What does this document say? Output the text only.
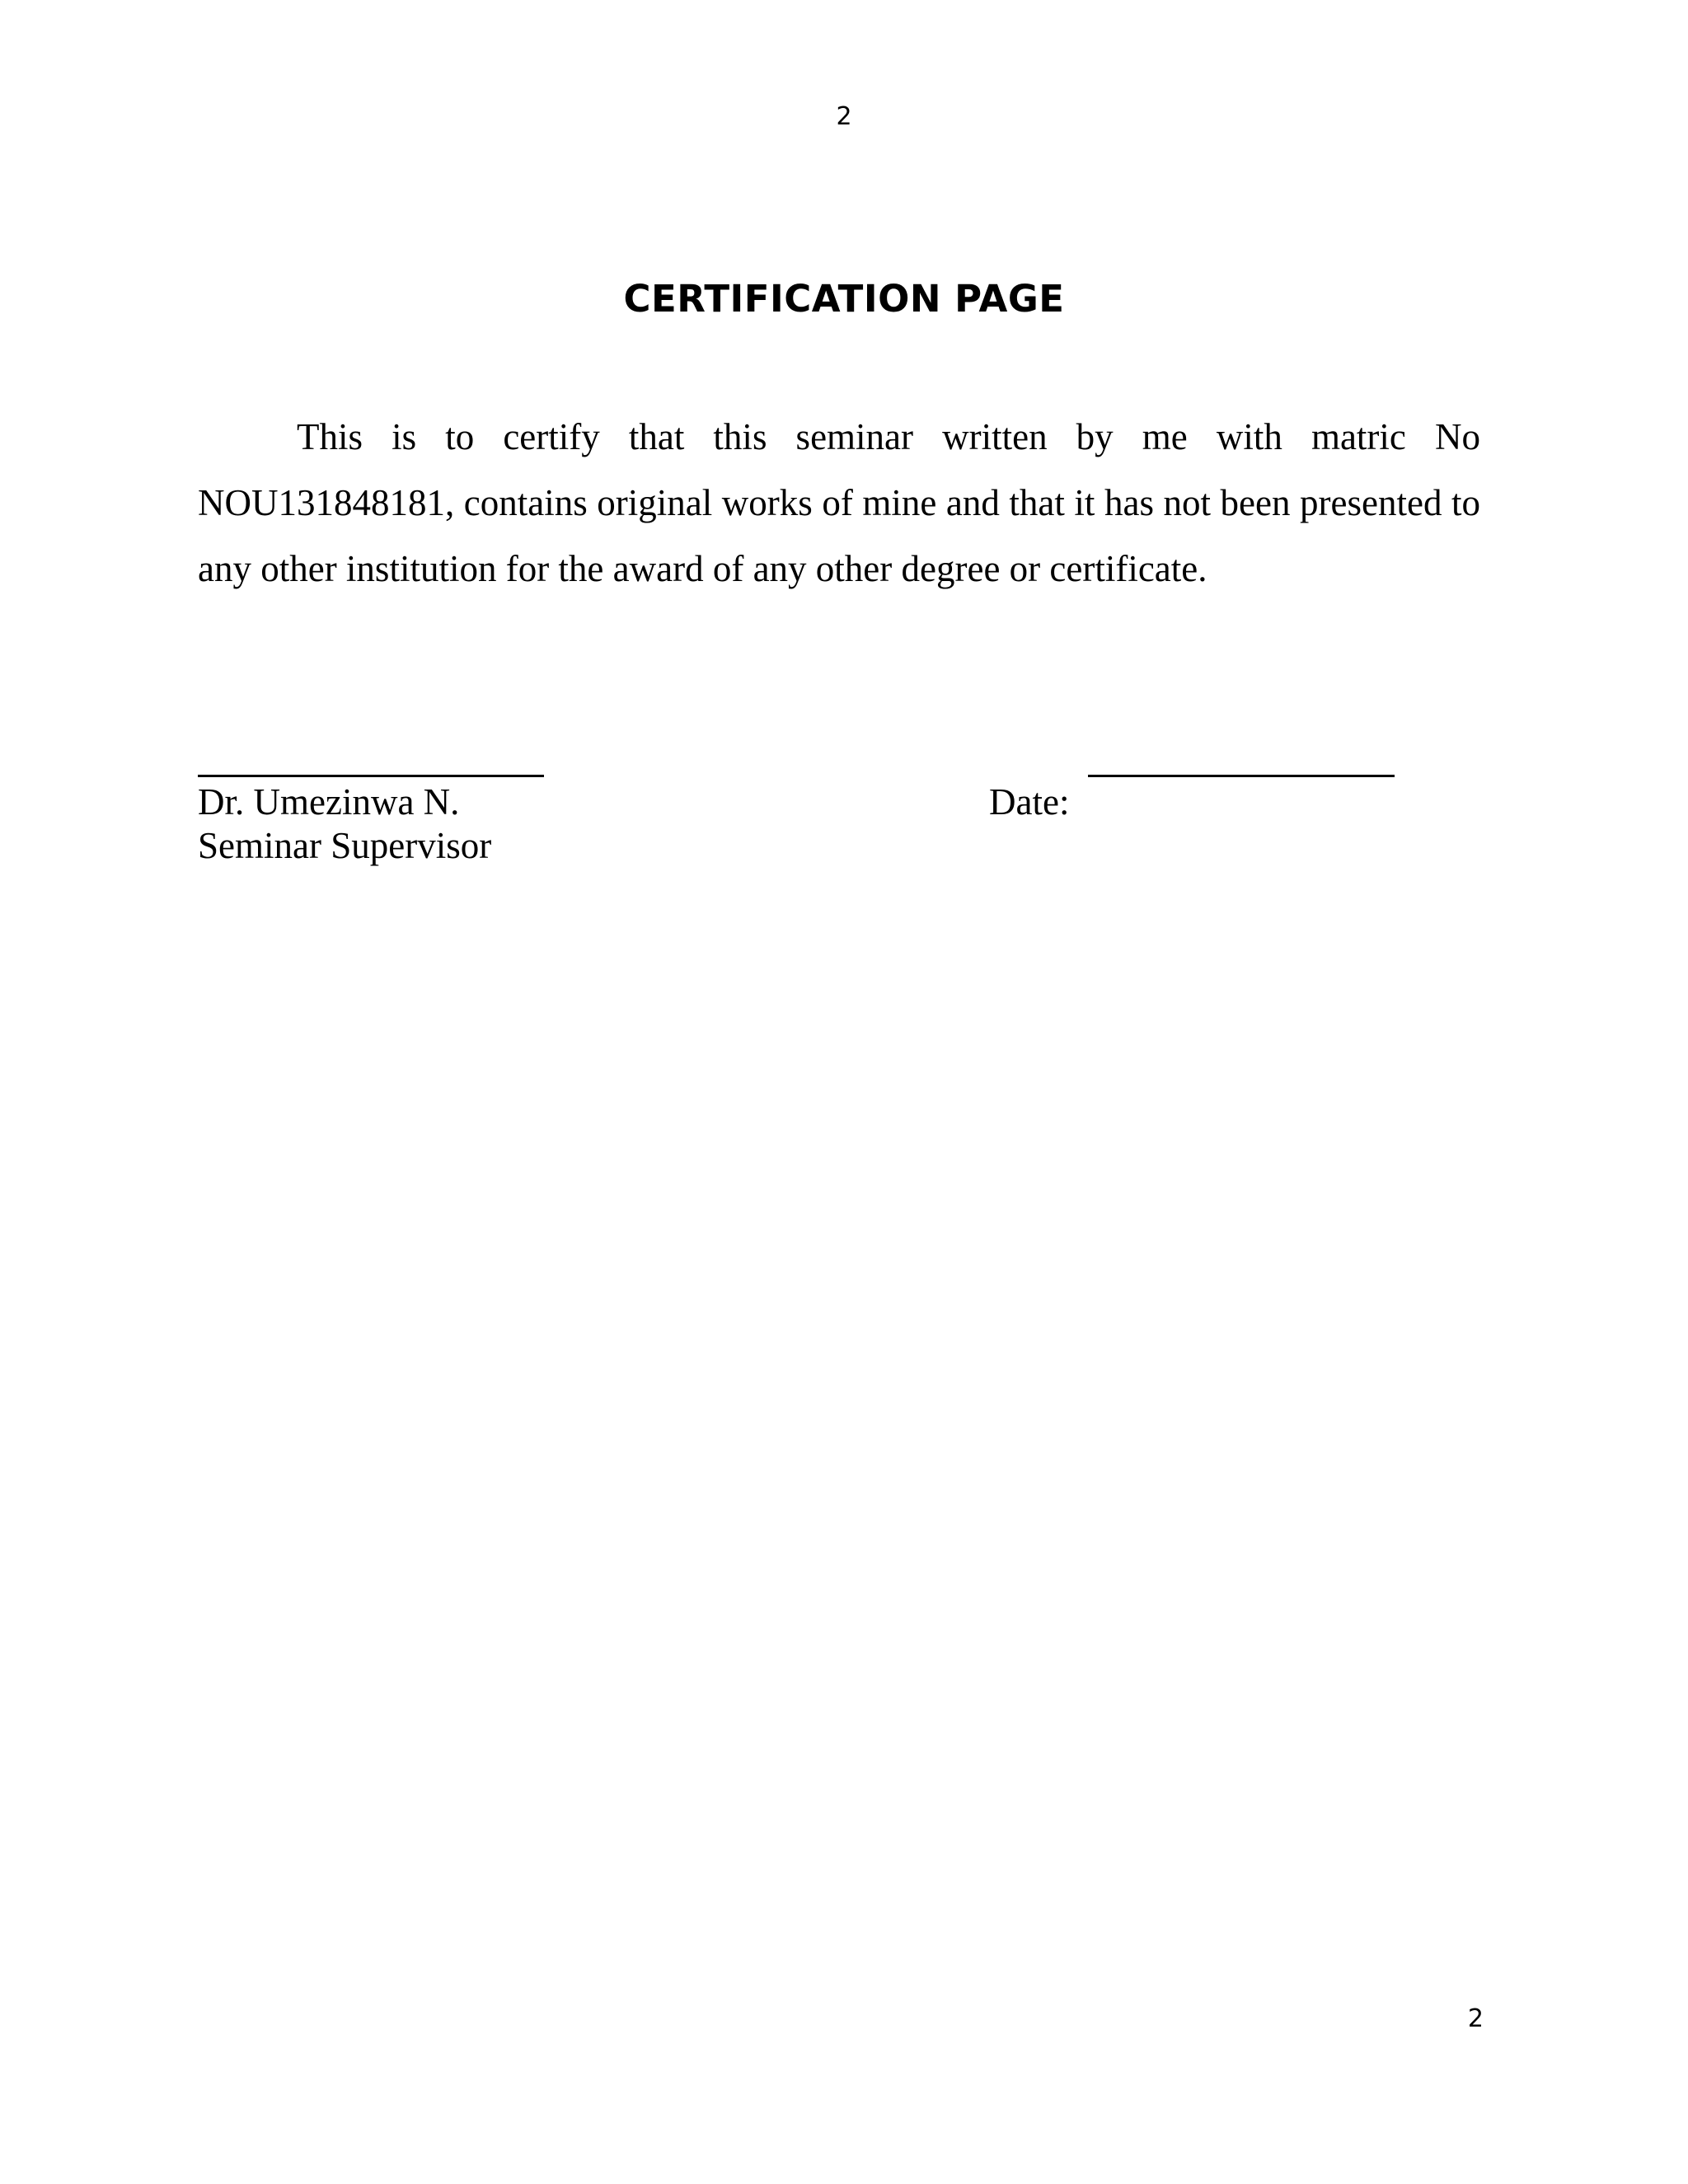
2
CERTIFICATION PAGE

This is to certify that this seminar written by me with matric No NOU131848181, contains original works of mine and that it has not been presented to any other institution for the award of any other degree or certificate.

Dr. Umezinwa N.
Seminar Supervisor
Date:
2
